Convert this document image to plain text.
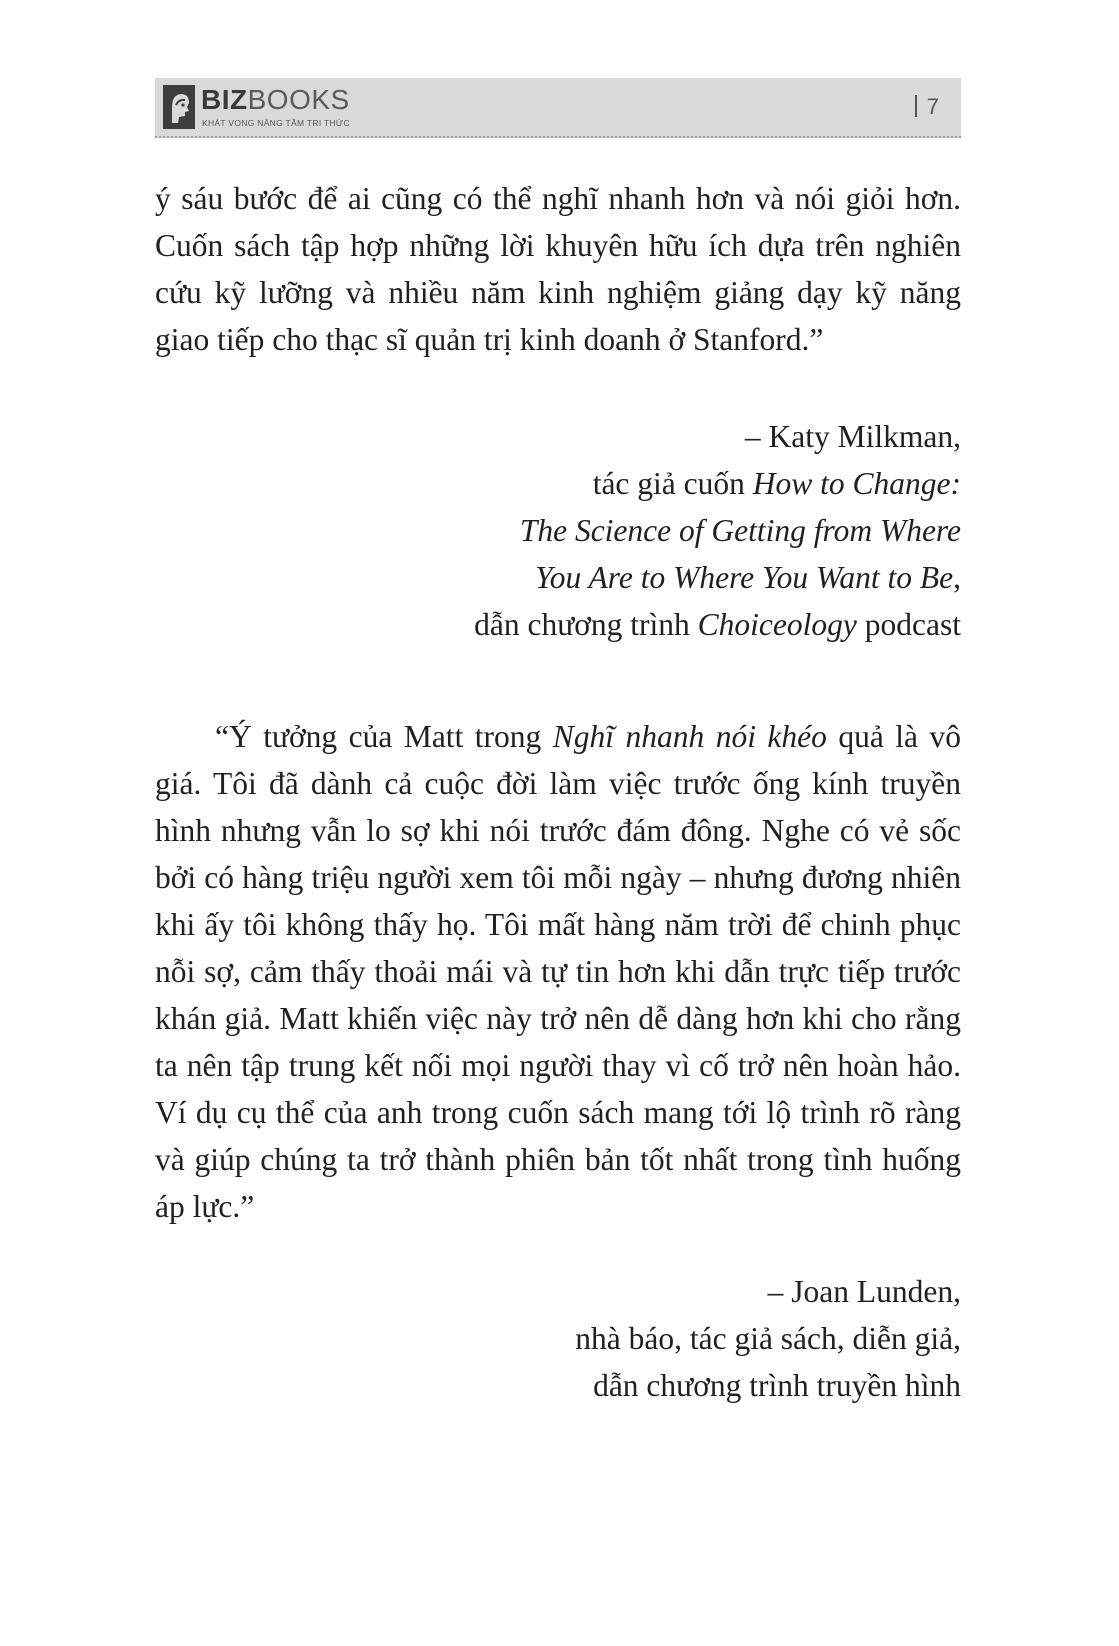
BIZBOOKS
KHÁT VỌNG NÂNG TẦM TRI THỨC
7

ý sáu bước để ai cũng có thể nghĩ nhanh hơn và nói giỏi hơn. Cuốn sách tập hợp những lời khuyên hữu ích dựa trên nghiên cứu kỹ lưỡng và nhiều năm kinh nghiệm giảng dạy kỹ năng giao tiếp cho thạc sĩ quản trị kinh doanh ở Stanford.”

– Katy Milkman,
tác giả cuốn How to Change:
The Science of Getting from Where
You Are to Where You Want to Be,
dẫn chương trình Choiceology podcast

“Ý tưởng của Matt trong Nghĩ nhanh nói khéo quả là vô giá. Tôi đã dành cả cuộc đời làm việc trước ống kính truyền hình nhưng vẫn lo sợ khi nói trước đám đông. Nghe có vẻ sốc bởi có hàng triệu người xem tôi mỗi ngày – nhưng đương nhiên khi ấy tôi không thấy họ. Tôi mất hàng năm trời để chinh phục nỗi sợ, cảm thấy thoải mái và tự tin hơn khi dẫn trực tiếp trước khán giả. Matt khiến việc này trở nên dễ dàng hơn khi cho rằng ta nên tập trung kết nối mọi người thay vì cố trở nên hoàn hảo. Ví dụ cụ thể của anh trong cuốn sách mang tới lộ trình rõ ràng và giúp chúng ta trở thành phiên bản tốt nhất trong tình huống áp lực.”

– Joan Lunden,
nhà báo, tác giả sách, diễn giả,
dẫn chương trình truyền hình
